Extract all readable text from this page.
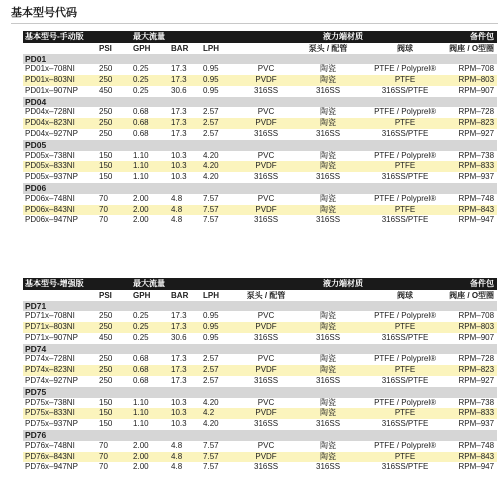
基本型号代码
基本型号-手动版		最大流量			液力端材质			备件包
	PSI	GPH	BAR	LPH		泵头 / 配管	阀球	阀座 / O型圈
PD01								
PD01x–708NI	250	0.25	17.3	0.95	PVC	陶瓷	PTFE / Polyprel®	RPM–708
PD01x–803NI	250	0.25	17.3	0.95	PVDF	陶瓷	PTFE	RPM–803
PD01x–907NP	450	0.25	30.6	0.95	316SS	316SS	316SS/PTFE	RPM–907
PD04								
PD04x–728NI	250	0.68	17.3	2.57	PVC	陶瓷	PTFE / Polyprel®	RPM–728
PD04x–823NI	250	0.68	17.3	2.57	PVDF	陶瓷	PTFE	RPM–823
PD04x–927NP	250	0.68	17.3	2.57	316SS	316SS	316SS/PTFE	RPM–927
PD05								
PD05x–738NI	150	1.10	10.3	4.20	PVC	陶瓷	PTFE / Polyprel®	RPM–738
PD05x–833NI	150	1.10	10.3	4.20	PVDF	陶瓷	PTFE	RPM–833
PD05x–937NP	150	1.10	10.3	4.20	316SS	316SS	316SS/PTFE	RPM–937
PD06								
PD06x–748NI	70	2.00	4.8	7.57	PVC	陶瓷	PTFE / Polyprel®	RPM–748
PD06x–843NI	70	2.00	4.8	7.57	PVDF	陶瓷	PTFE	RPM–843
PD06x–947NP	70	2.00	4.8	7.57	316SS	316SS	316SS/PTFE	RPM–947
基本型号-增强版		最大流量			液力端材质			备件包
	PSI	GPH	BAR	LPH	泵头 / 配管		阀球	阀座 / O型圈
PD71								
PD71x–708NI	250	0.25	17.3	0.95	PVC	陶瓷	PTFE / Polyprel®	RPM–708
PD71x–803NI	250	0.25	17.3	0.95	PVDF	陶瓷	PTFE	RPM–803
PD71x–907NP	450	0.25	30.6	0.95	316SS	316SS	316SS/PTFE	RPM–907
PD74								
PD74x–728NI	250	0.68	17.3	2.57	PVC	陶瓷	PTFE / Polyprel®	RPM–728
PD74x–823NI	250	0.68	17.3	2.57	PVDF	陶瓷	PTFE	RPM–823
PD74x–927NP	250	0.68	17.3	2.57	316SS	316SS	316SS/PTFE	RPM–927
PD75								
PD75x–738NI	150	1.10	10.3	4.20	PVC	陶瓷	PTFE / Polyprel®	RPM–738
PD75x–833NI	150	1.10	10.3	4.2	PVDF	陶瓷	PTFE	RPM–833
PD75x–937NP	150	1.10	10.3	4.20	316SS	316SS	316SS/PTFE	RPM–937
PD76								
PD76x–748NI	70	2.00	4.8	7.57	PVC	陶瓷	PTFE / Polyprel®	RPM–748
PD76x–843NI	70	2.00	4.8	7.57	PVDF	陶瓷	PTFE	RPM–843
PD76x–947NP	70	2.00	4.8	7.57	316SS	316SS	316SS/PTFE	RPM–947
